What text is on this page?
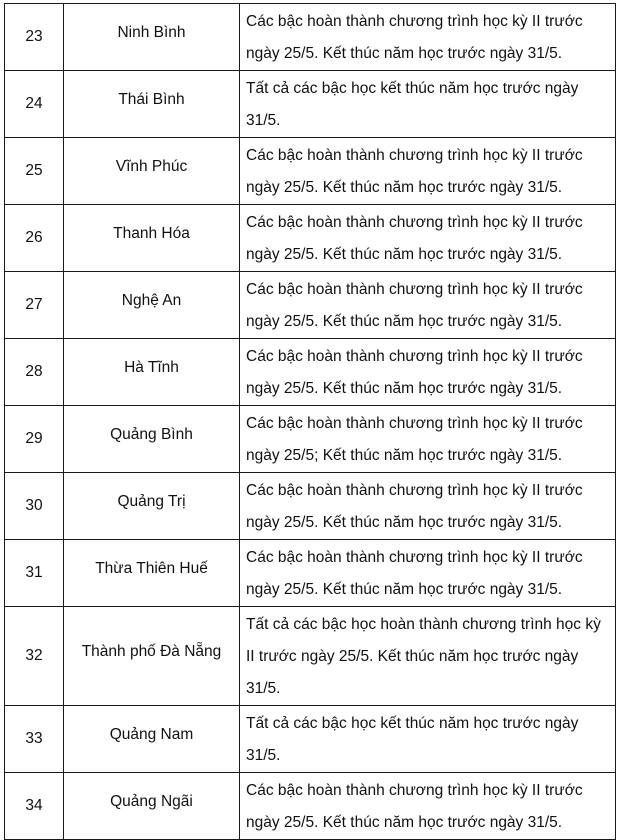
23	Ninh Bình	Các bậc hoàn thành chương trình học kỳ II trước ngày 25/5. Kết thúc năm học trước ngày 31/5.
24	Thái Bình	Tất cả các bậc học kết thúc năm học trước ngày 31/5.
25	Vĩnh Phúc	Các bậc hoàn thành chương trình học kỳ II trước ngày 25/5. Kết thúc năm học trước ngày 31/5.
26	Thanh Hóa	Các bậc hoàn thành chương trình học kỳ II trước ngày 25/5. Kết thúc năm học trước ngày 31/5.
27	Nghệ An	Các bậc hoàn thành chương trình học kỳ II trước ngày 25/5. Kết thúc năm học trước ngày 31/5.
28	Hà Tĩnh	Các bậc hoàn thành chương trình học kỳ II trước ngày 25/5. Kết thúc năm học trước ngày 31/5.
29	Quảng Bình	Các bậc hoàn thành chương trình học kỳ II trước ngày 25/5; Kết thúc năm học trước ngày 31/5.
30	Quảng Trị	Các bậc hoàn thành chương trình học kỳ II trước ngày 25/5. Kết thúc năm học trước ngày 31/5.
31	Thừa Thiên Huế	Các bậc hoàn thành chương trình học kỳ II trước ngày 25/5. Kết thúc năm học trước ngày 31/5.
32	Thành phố Đà Nẵng	Tất cả các bậc học hoàn thành chương trình học kỳ II trước ngày 25/5. Kết thúc năm học trước ngày 31/5.
33	Quảng Nam	Tất cả các bậc học kết thúc năm học trước ngày 31/5.
34	Quảng Ngãi	Các bậc hoàn thành chương trình học kỳ II trước ngày 25/5. Kết thúc năm học trước ngày 31/5.
